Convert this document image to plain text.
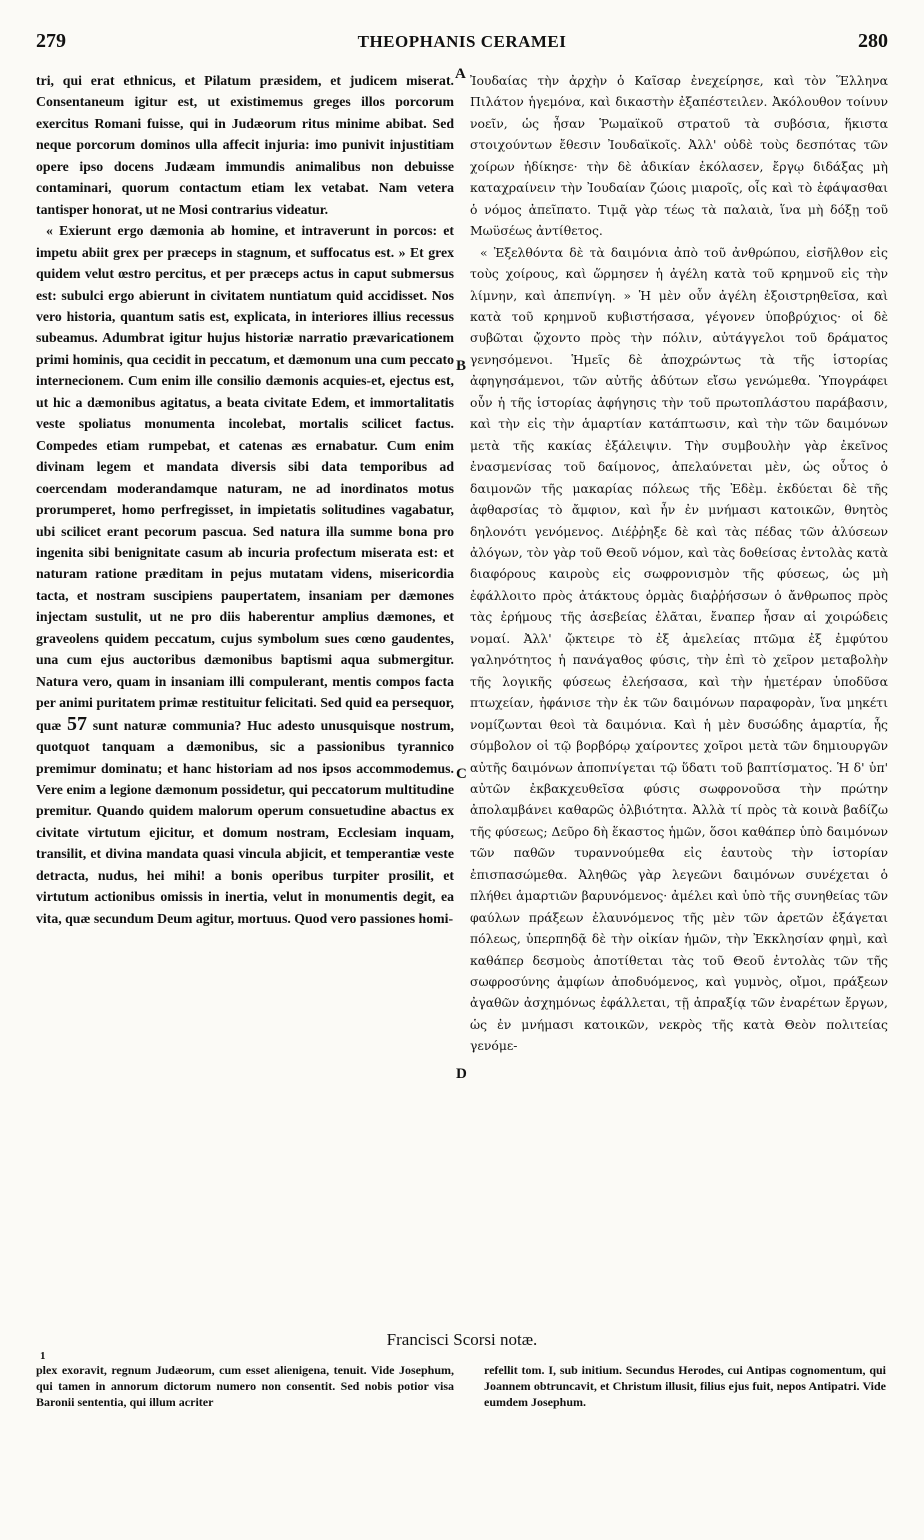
279	THEOPHANIS CERAMEI	280

tri, qui erat ethnicus, et Pilatum præsidem, et judicem miserat. Consentaneum igitur est, ut existimemus greges illos porcorum exercitus Romani fuisse, qui in Judæorum ritus minime abibat. Sed neque porcorum dominos ulla affecit injuria: imo punivit injustitiam opere ipso docens Judæam immundis animalibus non debuisse contaminari, quorum contactum etiam lex vetabat. Nam vetera tantisper honorat, ut ne Mosi contrarius videatur.

« Exierunt ergo dæmonia ab homine, et intraverunt in porcos: et impetu abiit grex per præceps in stagnum, et suffocatus est. » Et grex quidem velut œstro percitus, et per præceps actus in caput submersus est: subulci ergo abierunt in civitatem nuntiatum quid accidisset. Nos vero historia, quantum satis est, explicata, in interiores illius recessus subeamus. Adumbrat igitur hujus historiæ narratio prævaricationem primi hominis, qua cecidit in peccatum, et dæmonum una cum peccato internecionem. Cum enim ille consilio dæmonis acquies-et, ejectus est, ut hic a dæmonibus agitatus, a beata civitate Edem, et immortalitatis veste spoliatus monumenta incolebat, mortalis scilicet factus. Compedes etiam rumpebat, et catenas æs ernabatur. Cum enim divinam legem et mandata diversis sibi data temporibus ad coercendam moderandamque naturam, ne ad inordinatos motus prorumperet, homo perfregisset, in impietatis solitudines vagabatur, ubi scilicet erant pecorum pascua. Sed natura illa summe bona pro ingenita sibi benignitate casum ab incuria profectum miserata est: et naturam ratione præditam in pejus mutatam videns, misericordia tacta, et nostram suscipiens paupertatem, insaniam per dæmones injectam sustulit, ut ne pro diis haberentur amplius dæmones, et graveolens quidem peccatum, cujus symbolum sues cœno gaudentes, una cum ejus auctoribus dæmonibus baptismi aqua submergitur. Natura vero, quam in insaniam illi compulerant, mentis compos facta per animi puritatem primæ restituitur felicitati. Sed quid ea persequor, quæ 57 sunt naturæ communia? Huc adesto unusquisque nostrum, quotquot tanquam a dæmonibus, sic a passionibus tyrannico premimur dominatu; et hanc historiam ad nos ipsos accommodemus. Vere enim a legione dæmonum possidetur, qui peccatorum multitudine premitur. Quando quidem malorum operum consuetudine abactus ex civitate virtutum ejicitur, et domum nostram, Ecclesiam inquam, transilit, et divina mandata quasi vincula abjicit, et temperantiæ veste detracta, nudus, hei mihi! a bonis operibus turpiter prosilit, et virtutum actionibus omissis in inertia, velut in monumentis degit, ea vita, quæ secundum Deum agitur, mortuus. Quod vero passiones homi-

A
B
C
D

Ἰουδαίας τὴν ἀρχὴν ὁ Καῖσαρ ἐνεχείρησε, καὶ τὸν Ἕλληνα Πιλάτον ἡγεμόνα, καὶ δικαστὴν ἐξαπέστειλεν. Ἀκόλουθον τοίνυν νοεῖν, ὡς ἦσαν Ῥωμαϊκοῦ στρατοῦ τὰ συβόσια, ἥκιστα στοιχούντων ἔθεσιν Ἰουδαϊκοῖς. Ἀλλ' οὐδὲ τοὺς δεσπότας τῶν χοίρων ἠδίκησε· τὴν δὲ ἀδικίαν ἐκόλασεν, ἔργῳ διδάξας μὴ καταχραίνειν τὴν Ἰουδαίαν ζώοις μιαροῖς, οἷς καὶ τὸ ἐφάψασθαι ὁ νόμος ἀπεῖπατο. Τιμᾷ γὰρ τέως τὰ παλαιὰ, ἵνα μὴ δόξῃ τοῦ Μωϋσέως ἀντίθετος.

« Ἐξελθόντα δὲ τὰ δαιμόνια ἀπὸ τοῦ ἀνθρώπου, εἰσῆλθον εἰς τοὺς χοίρους, καὶ ὥρμησεν ἡ ἀγέλη κατὰ τοῦ κρημνοῦ εἰς τὴν λίμνην, καὶ ἀπεπνίγη. » Ἡ μὲν οὖν ἀγέλη ἐξοιστρηθεῖσα, καὶ κατὰ τοῦ κρημνοῦ κυβιστήσασα, γέγονεν ὑποβρύχιος· οἱ δὲ συβῶται ᾤχοντο πρὸς τὴν πόλιν, αὐτάγγελοι τοῦ δράματος γενησόμενοι. Ἡμεῖς δὲ ἀποχρώντως τὰ τῆς ἱστορίας ἀφηγησάμενοι, τῶν αὐτῆς ἀδύτων εἴσω γενώμεθα. Ὑπογράφει οὖν ἡ τῆς ἱστορίας ἀφήγησις τὴν τοῦ πρωτοπλάστου παράβασιν, καὶ τὴν εἰς τὴν ἁμαρτίαν κατάπτωσιν, καὶ τὴν τῶν δαιμόνων μετὰ τῆς κακίας ἐξάλειψιν. Τὴν συμβουλὴν γὰρ ἐκεῖνος ἐνασμενίσας τοῦ δαίμονος, ἀπελαύνεται μὲν, ὡς οὗτος ὁ δαιμονῶν τῆς μακαρίας πόλεως τῆς Ἐδὲμ. ἐκδύεται δὲ τῆς ἀφθαρσίας τὸ ἄμφιον, καὶ ἦν ἐν μνήμασι κατοικῶν, θνητὸς δηλονότι γενόμενος. Διέῤῥηξε δὲ καὶ τὰς πέδας τῶν ἀλύσεων ἀλόγων, τὸν γὰρ τοῦ Θεοῦ νόμον, καὶ τὰς δοθείσας ἐντολὰς κατὰ διαφόρους καιροὺς εἰς σωφρονισμὸν τῆς φύσεως, ὡς μὴ ἐφάλλοιτο πρὸς ἀτάκτους ὁρμὰς διαῤῥήσσων ὁ ἄνθρωπος πρὸς τὰς ἐρήμους τῆς ἀσεβείας ἐλᾶται, ἔναπερ ἦσαν αἱ χοιρώδεις νομαί. Ἀλλ' ᾤκτειρε τὸ ἐξ ἀμελείας πτῶμα ἐξ ἐμφύτου γαληνότητος ἡ πανάγαθος φύσις, τὴν ἐπὶ τὸ χεῖρον μεταβολὴν τῆς λογικῆς φύσεως ἐλεήσασα, καὶ τὴν ἡμετέραν ὑποδῦσα πτωχείαν, ἠφάνισε τὴν ἐκ τῶν δαιμόνων παραφορὰν, ἵνα μηκέτι νομίζωνται θεοὶ τὰ δαιμόνια. Καὶ ἡ μὲν δυσώδης ἁμαρτία, ἧς σύμβολον οἱ τῷ βορβόρῳ χαίροντες χοῖροι μετὰ τῶν δημιουργῶν αὐτῆς δαιμόνων ἀποπνίγεται τῷ ὕδατι τοῦ βαπτίσματος. Ἡ δ' ὑπ' αὐτῶν ἐκβακχευθεῖσα φύσις σωφρονοῦσα τὴν πρώτην ἀπολαμβάνει καθαρῶς ὀλβιότητα. Ἀλλὰ τί πρὸς τὰ κοινὰ βαδίζω τῆς φύσεως; Δεῦρο δὴ ἕκαστος ἡμῶν, ὅσοι καθάπερ ὑπὸ δαιμόνων τῶν παθῶν τυραννούμεθα εἰς ἑαυτοὺς τὴν ἱστορίαν ἐπισπασώμεθα. Ἀληθῶς γὰρ λεγεῶνι δαιμόνων συνέχεται ὁ πλήθει ἁμαρτιῶν βαρυνόμενος· ἀμέλει καὶ ὑπὸ τῆς συνηθείας τῶν φαύλων πράξεων ἐλαυνόμενος τῆς μὲν τῶν ἀρετῶν ἐξάγεται πόλεως, ὑπερπηδᾷ δὲ τὴν οἰκίαν ἡμῶν, τὴν Ἐκκλησίαν φημὶ, καὶ καθάπερ δεσμοὺς ἀποτίθεται τὰς τοῦ Θεοῦ ἐντολὰς τῶν τῆς σωφροσύνης ἀμφίων ἀποδυόμενος, καὶ γυμνὸς, οἴμοι, πράξεων ἀγαθῶν ἀσχημόνως ἐφάλλεται, τῇ ἀπραξίᾳ τῶν ἐναρέτων ἔργων, ὡς ἐν μνήμασι κατοικῶν, νεκρὸς τῆς κατὰ Θεὸν πολιτείας γενόμε-

Francisci Scorsi notæ.
1
plex exoravit, regnum Judæorum, cum esset alienigena, tenuit. Vide Josephum, qui tamen in annorum dictorum numero non consentit. Sed nobis potior visa Baronii sententia, qui illum acriter
refellit tom. I, sub initium. Secundus Herodes, cui Antipas cognomentum, qui Joannem obtruncavit, et Christum illusit, filius ejus fuit, nepos Antipatri. Vide eumdem Josephum.
